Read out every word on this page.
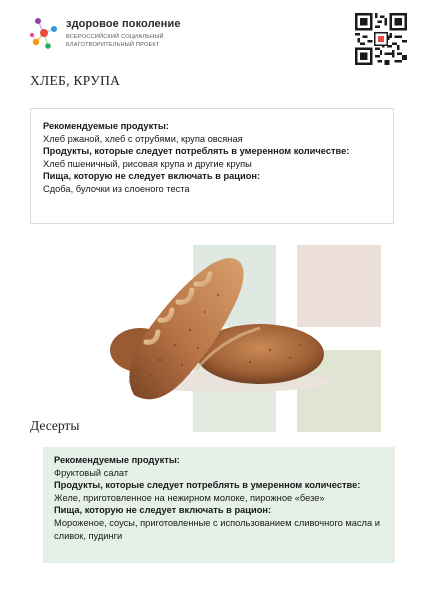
здоровое поколение
ВСЕРОССИЙСКИЙ СОЦИАЛЬНЫЙ
БЛАГОТВОРИТЕЛЬНЫЙ ПРОЕКТ
ХЛЕБ, КРУПА

Рекомендуемые продукты:

Хлеб ржаной, хлеб с отрубями, крупа овсяная

Продукты, которые следует потреблять в умеренном количестве:

Хлеб пшеничный, рисовая крупа и другие крупы

Пища, которую не следует включать в рацион:

Сдоба, булочки из слоеного теста

Десерты

Рекомендуемые продукты:

Фруктовый салат

Продукты, которые следует потреблять в умеренном количестве:

Желе, приготовленное на нежирном молоке, пирожное «безе»

Пища, которую не следует включать в рацион:

Мороженое, соусы, приготовленные с использованием сливочного масла и сливок, пудинги
